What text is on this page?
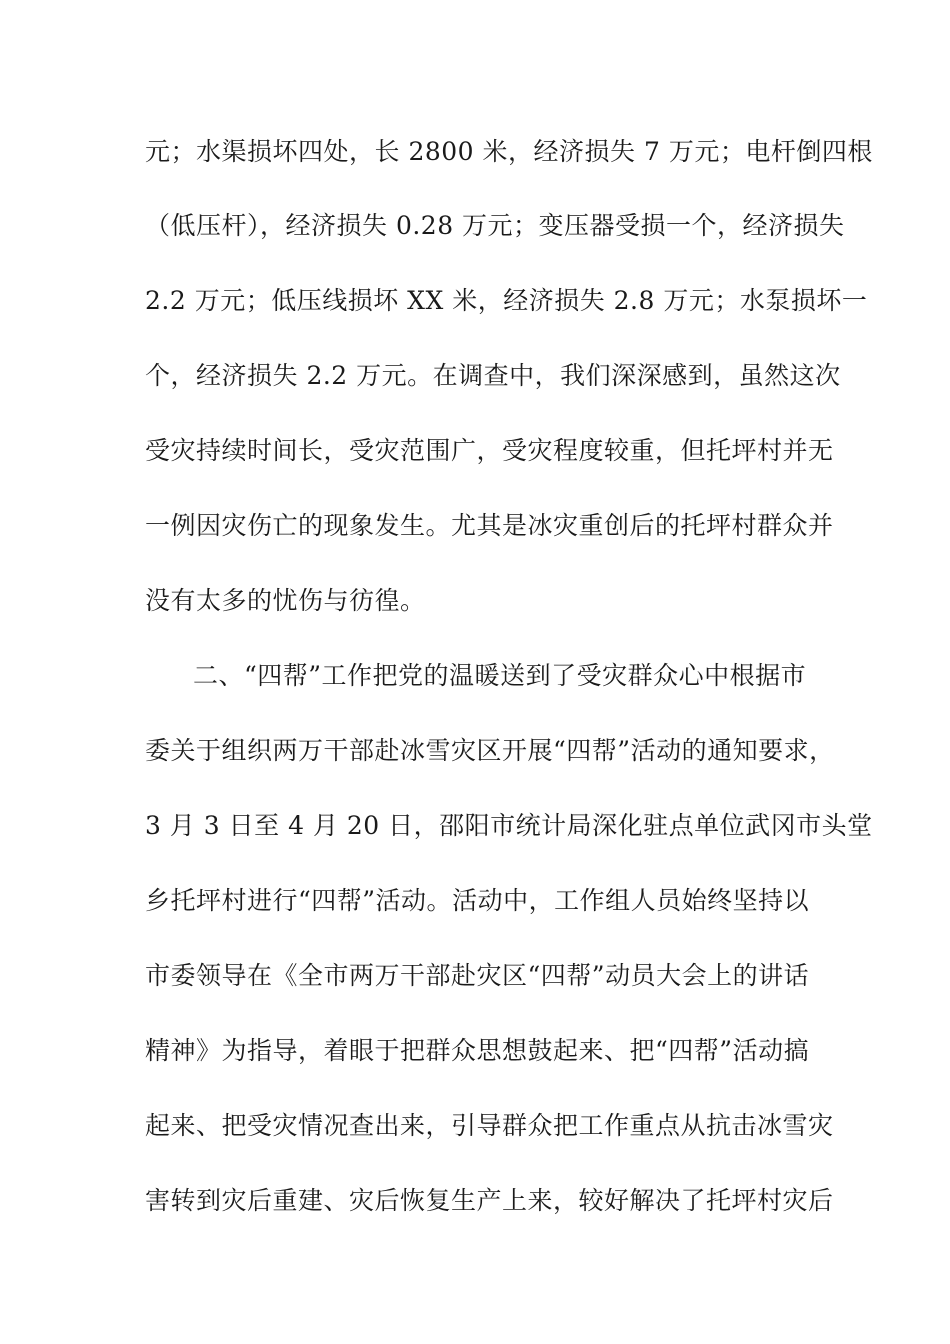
元；水渠损坏四处，长 2800 米，经济损失 7 万元；电杆倒四根
（低压杆），经济损失 0.28 万元；变压器受损一个，经济损失
2.2 万元；低压线损坏 XX 米，经济损失 2.8 万元；水泵损坏一
个，经济损失 2.2 万元。在调查中，我们深深感到，虽然这次
受灾持续时间长，受灾范围广，受灾程度较重，但托坪村并无
一例因灾伤亡的现象发生。尤其是冰灾重创后的托坪村群众并
没有太多的忧伤与彷徨。
二、“四帮”工作把党的温暖送到了受灾群众心中根据市
委关于组织两万干部赴冰雪灾区开展“四帮”活动的通知要求，
3 月 3 日至 4 月 20 日，邵阳市统计局深化驻点单位武冈市头堂
乡托坪村进行“四帮”活动。活动中，工作组人员始终坚持以
市委领导在《全市两万干部赴灾区“四帮”动员大会上的讲话
精神》为指导，着眼于把群众思想鼓起来、把“四帮”活动搞
起来、把受灾情况查出来，引导群众把工作重点从抗击冰雪灾
害转到灾后重建、灾后恢复生产上来，较好解决了托坪村灾后
